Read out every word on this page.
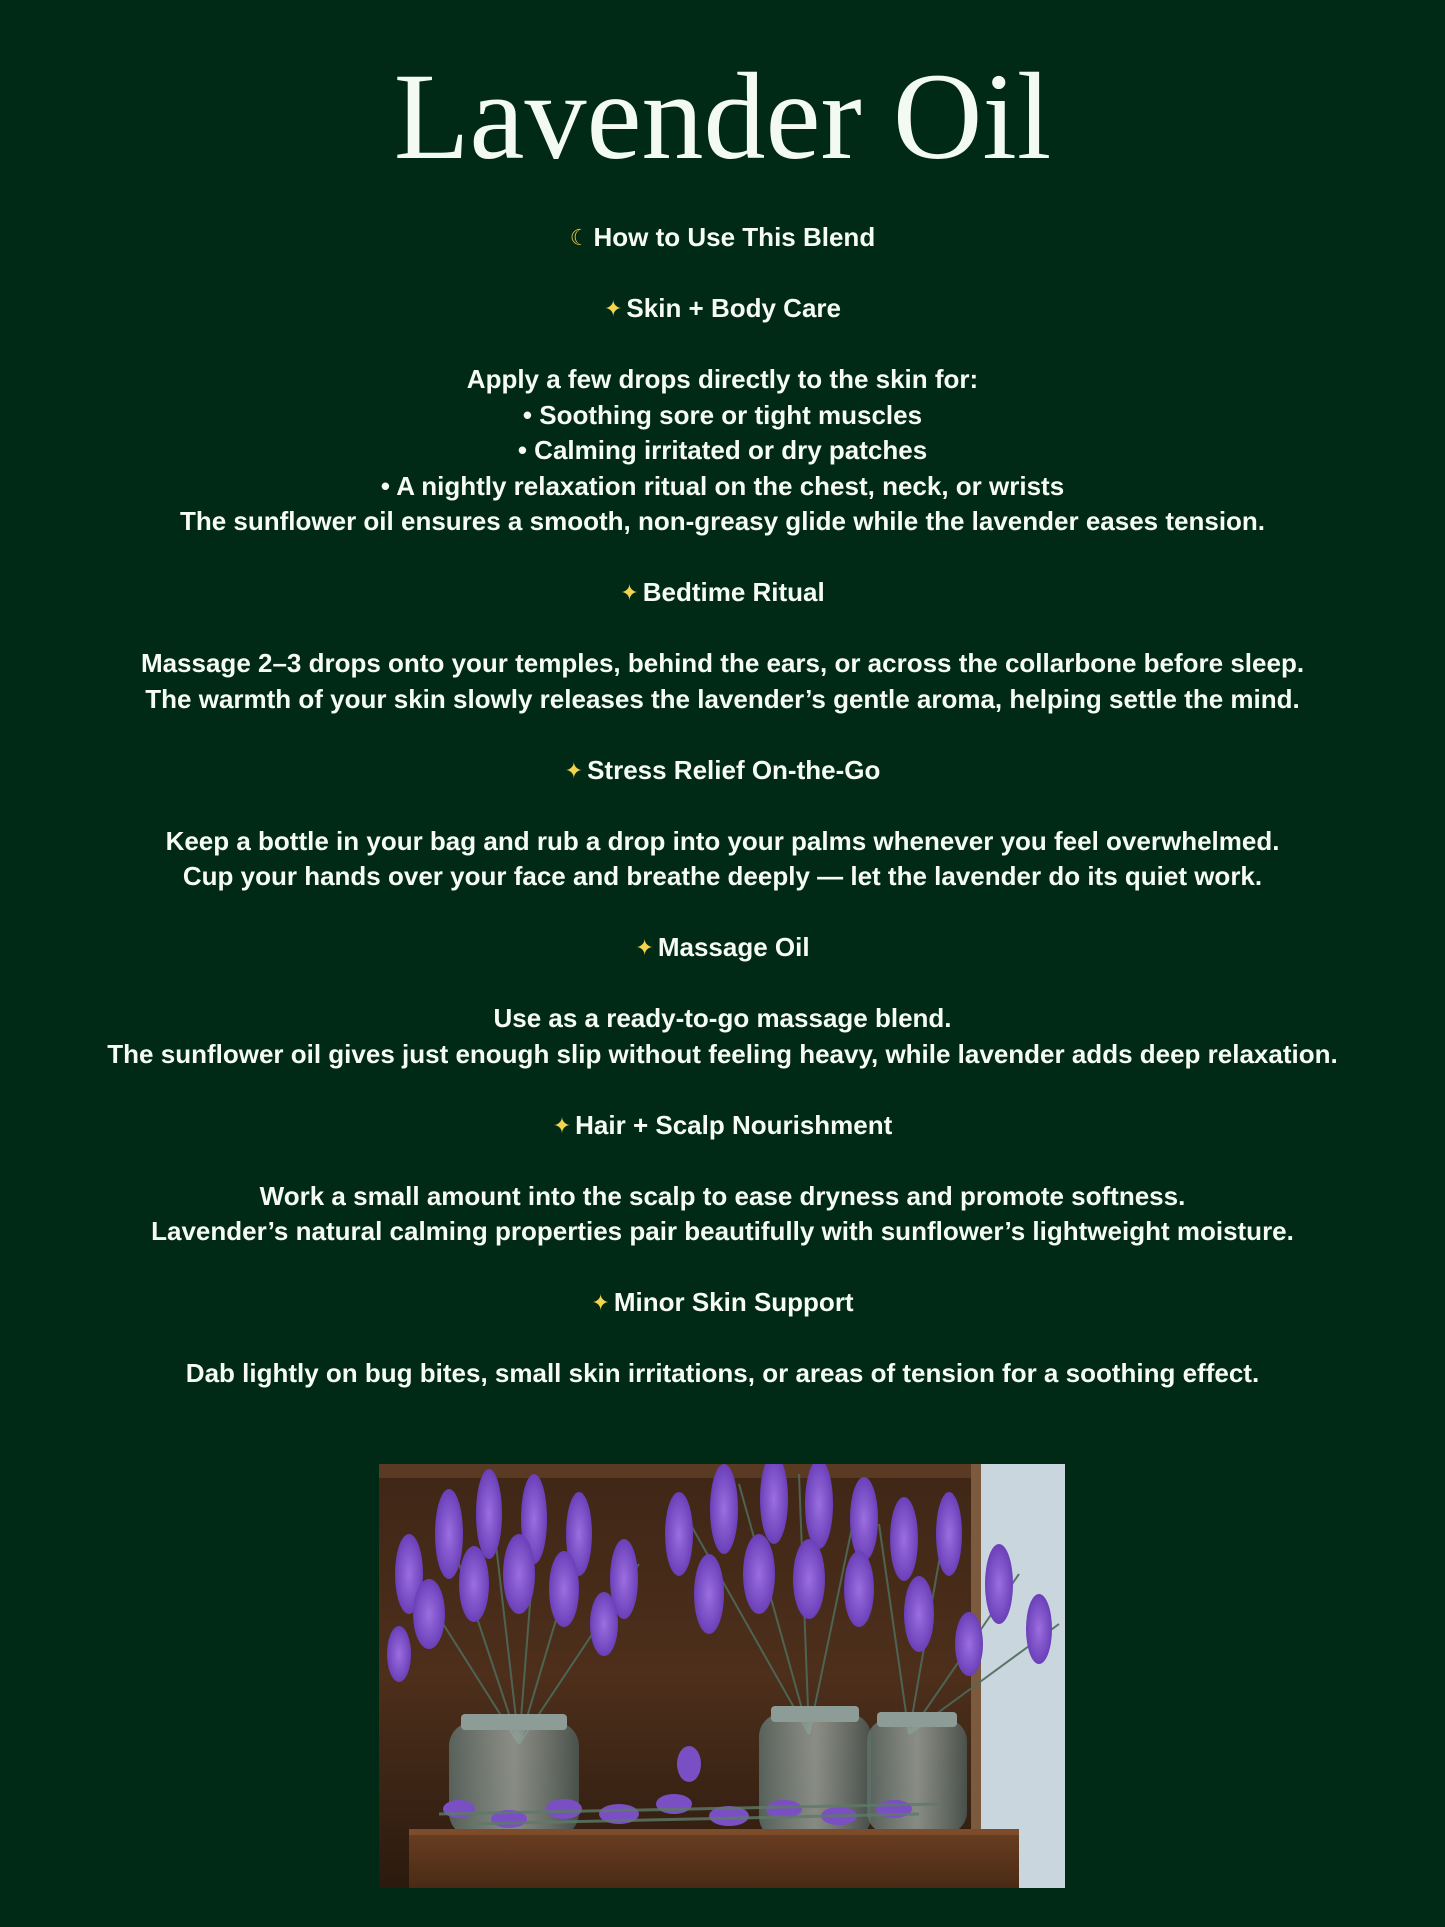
Lavender Oil
☾ How to Use This Blend
✦ Skin + Body Care
Apply a few drops directly to the skin for:
• Soothing sore or tight muscles
• Calming irritated or dry patches
• A nightly relaxation ritual on the chest, neck, or wrists
The sunflower oil ensures a smooth, non-greasy glide while the lavender eases tension.
✦ Bedtime Ritual
Massage 2–3 drops onto your temples, behind the ears, or across the collarbone before sleep.
The warmth of your skin slowly releases the lavender’s gentle aroma, helping settle the mind.
✦ Stress Relief On-the-Go
Keep a bottle in your bag and rub a drop into your palms whenever you feel overwhelmed.
Cup your hands over your face and breathe deeply — let the lavender do its quiet work.
✦ Massage Oil
Use as a ready-to-go massage blend.
The sunflower oil gives just enough slip without feeling heavy, while lavender adds deep relaxation.
✦ Hair + Scalp Nourishment
Work a small amount into the scalp to ease dryness and promote softness.
Lavender’s natural calming properties pair beautifully with sunflower’s lightweight moisture.
✦ Minor Skin Support
Dab lightly on bug bites, small skin irritations, or areas of tension for a soothing effect.
